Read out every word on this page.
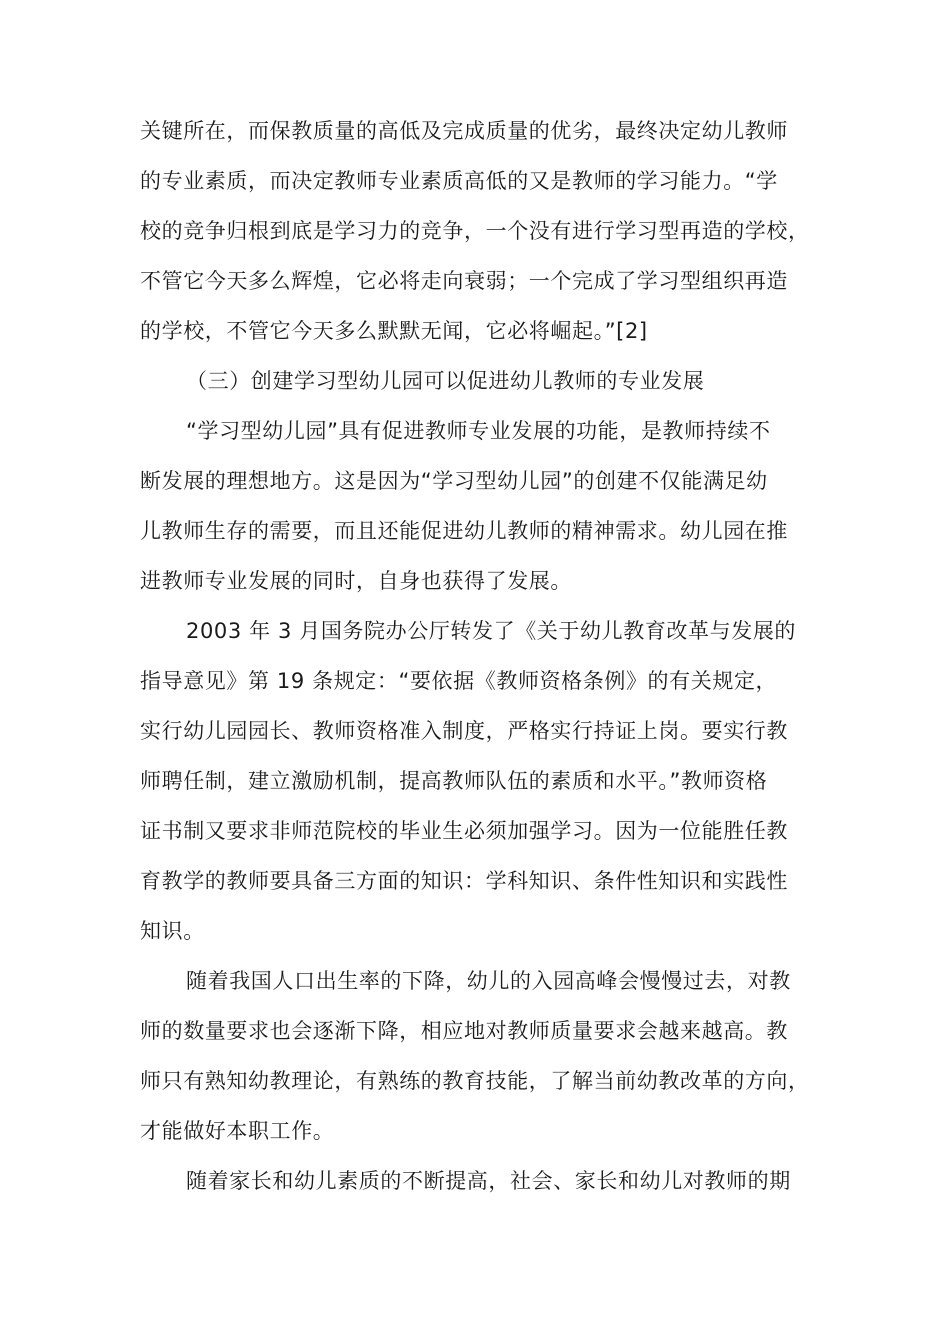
关键所在，而保教质量的高低及完成质量的优劣，最终决定幼儿教师
的专业素质，而决定教师专业素质高低的又是教师的学习能力。“学
校的竞争归根到底是学习力的竞争，一个没有进行学习型再造的学校，
不管它今天多么辉煌，它必将走向衰弱；一个完成了学习型组织再造
的学校，不管它今天多么默默无闻，它必将崛起。”[2]
（三）创建学习型幼儿园可以促进幼儿教师的专业发展
“学习型幼儿园”具有促进教师专业发展的功能，是教师持续不
断发展的理想地方。这是因为“学习型幼儿园”的创建不仅能满足幼
儿教师生存的需要，而且还能促进幼儿教师的精神需求。幼儿园在推
进教师专业发展的同时，自身也获得了发展。
2003 年 3 月国务院办公厅转发了《关于幼儿教育改革与发展的
指导意见》第 19 条规定：“要依据《教师资格条例》的有关规定，
实行幼儿园园长、教师资格准入制度，严格实行持证上岗。要实行教
师聘任制，建立激励机制，提高教师队伍的素质和水平。”教师资格
证书制又要求非师范院校的毕业生必须加强学习。因为一位能胜任教
育教学的教师要具备三方面的知识：学科知识、条件性知识和实践性
知识。
随着我国人口出生率的下降，幼儿的入园高峰会慢慢过去，对教
师的数量要求也会逐渐下降，相应地对教师质量要求会越来越高。教
师只有熟知幼教理论，有熟练的教育技能，了解当前幼教改革的方向，
才能做好本职工作。
随着家长和幼儿素质的不断提高，社会、家长和幼儿对教师的期
